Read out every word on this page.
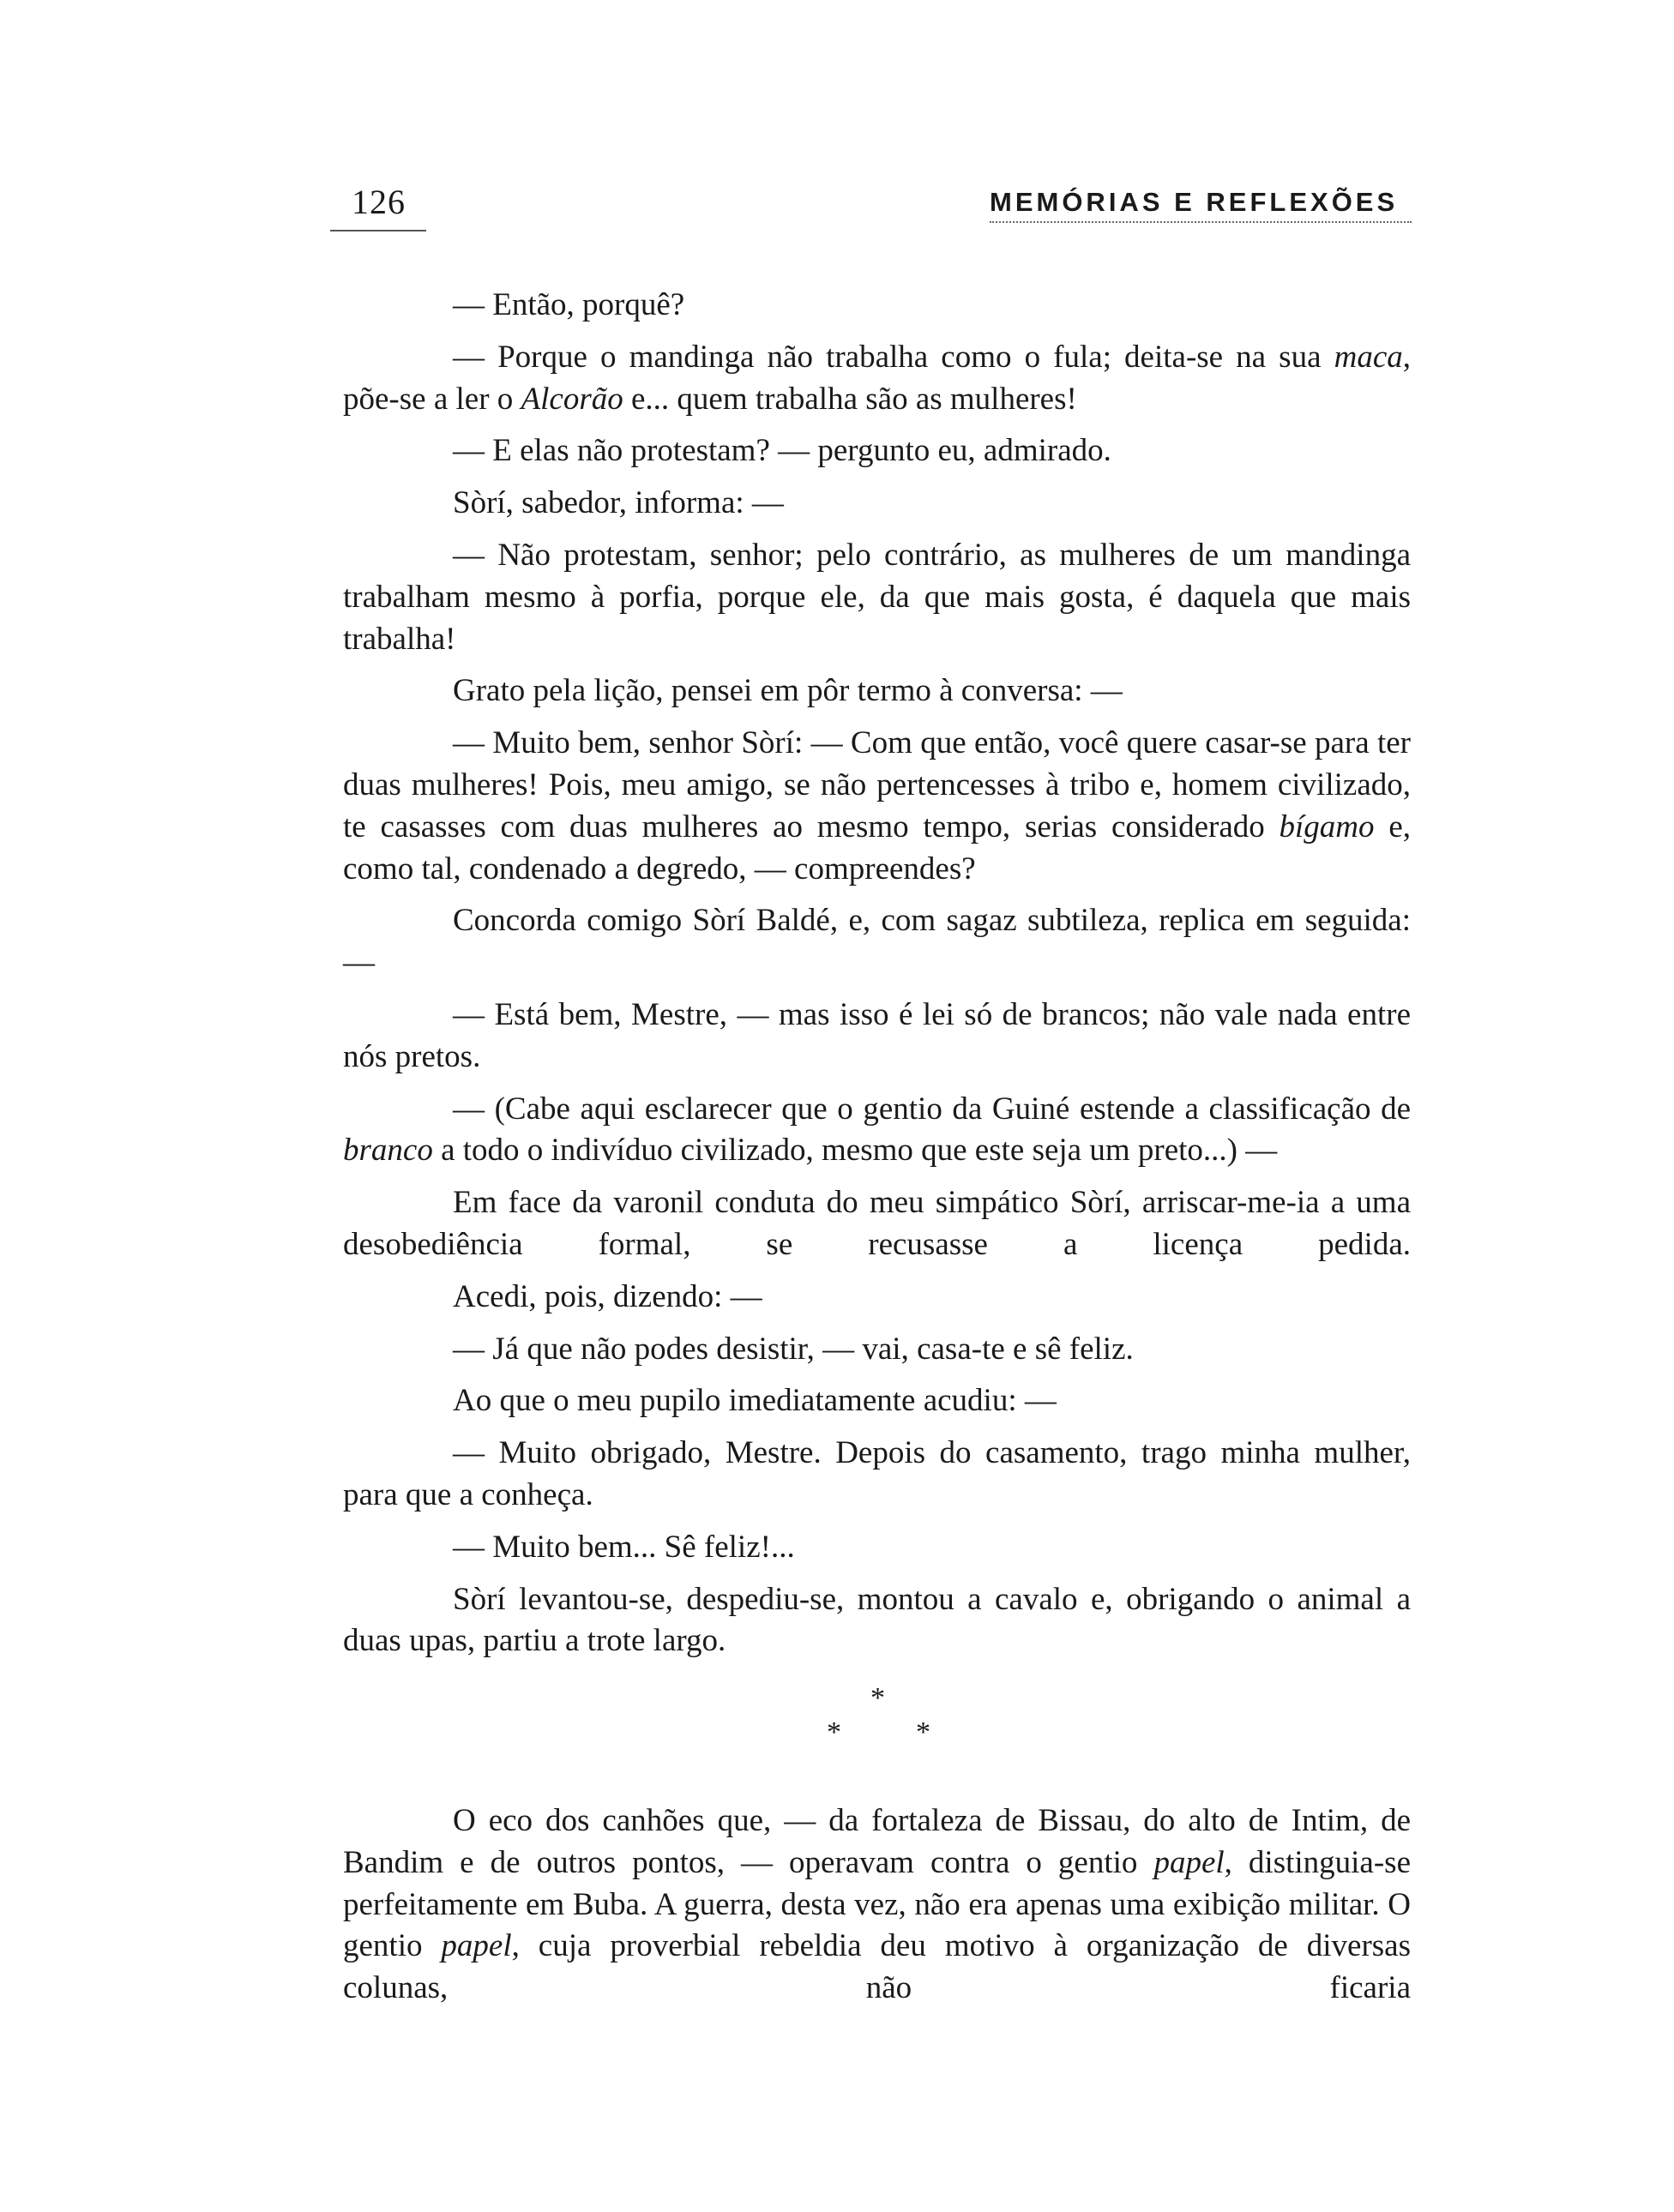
126	MEMÓRIAS E REFLEXÕES

— Então, porquê?

— Porque o mandinga não trabalha como o fula; deita-se na sua maca, põe-se a ler o Alcorão e... quem trabalha são as mulheres!

— E elas não protestam? — pergunto eu, admirado.

Sòrí, sabedor, informa: —

— Não protestam, senhor; pelo contrário, as mulheres de um mandinga trabalham mesmo à porfia, porque ele, da que mais gosta, é daquela que mais trabalha!

Grato pela lição, pensei em pôr termo à conversa: —

— Muito bem, senhor Sòrí: — Com que então, você quere casar-se para ter duas mulheres! Pois, meu amigo, se não pertencesses à tribo e, homem civilizado, te casasses com duas mulheres ao mesmo tempo, serias considerado bígamo e, como tal, condenado a degredo, — compreendes?

Concorda comigo Sòrí Baldé, e, com sagaz subtileza, replica em seguida: —

— Está bem, Mestre, — mas isso é lei só de brancos; não vale nada entre nós pretos.

— (Cabe aqui esclarecer que o gentio da Guiné estende a classificação de branco a todo o indivíduo civilizado, mesmo que este seja um preto...) —

Em face da varonil conduta do meu simpático Sòrí, arriscar-me-ia a uma desobediência formal, se recusasse a licença pedida.

Acedi, pois, dizendo: —

— Já que não podes desistir, — vai, casa-te e sê feliz.

Ao que o meu pupilo imediatamente acudiu: —

— Muito obrigado, Mestre. Depois do casamento, trago minha mulher, para que a conheça.

— Muito bem... Sê feliz!...

Sòrí levantou-se, despediu-se, montou a cavalo e, obrigando o animal a duas upas, partiu a trote largo.

*
*	*

O eco dos canhões que, — da fortaleza de Bissau, do alto de Intim, de Bandim e de outros pontos, — operavam contra o gentio papel, distinguia-se perfeitamente em Buba. A guerra, desta vez, não era apenas uma exibição militar. O gentio papel, cuja proverbial rebeldia deu motivo à organização de diversas colunas, não ficaria
